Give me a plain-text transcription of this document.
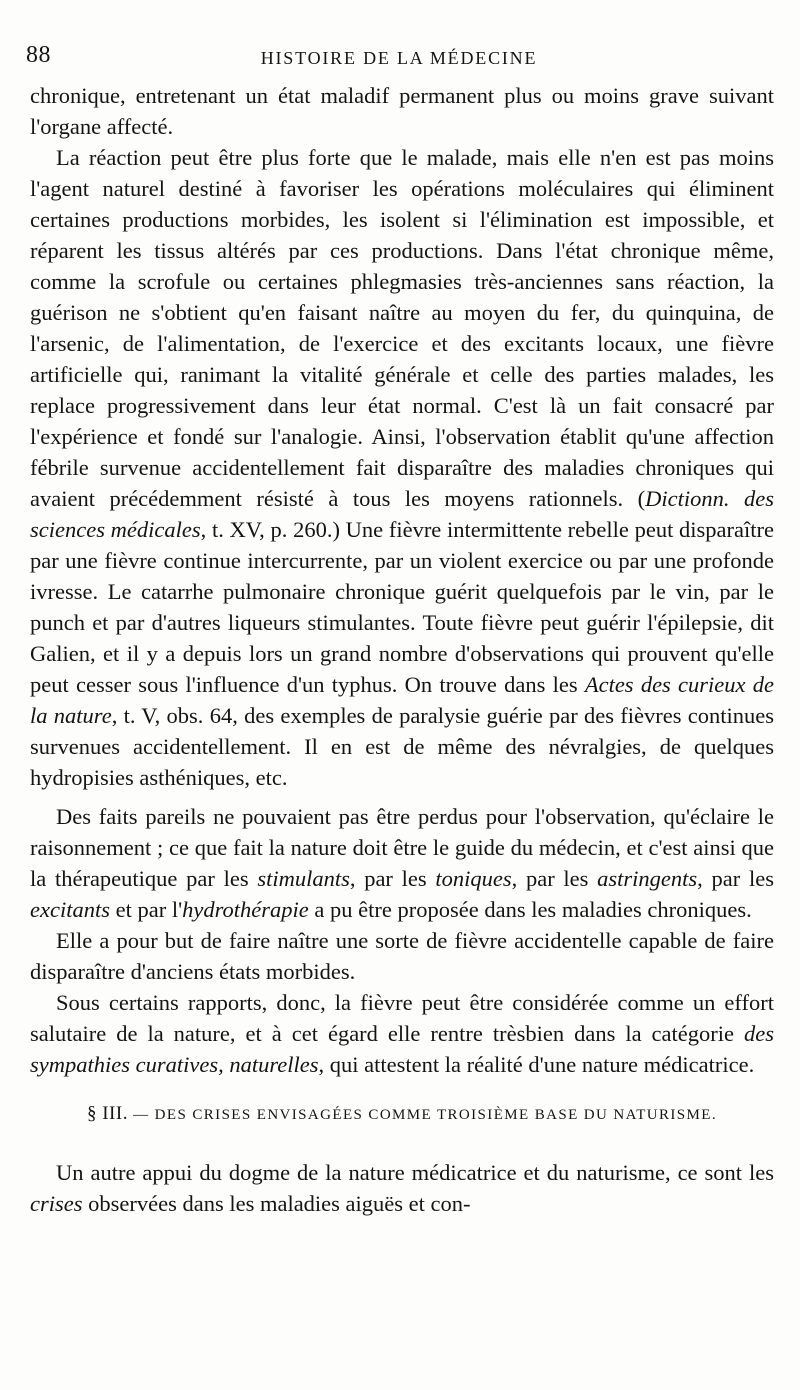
88	HISTOIRE DE LA MÉDECINE

chronique, entretenant un état maladif permanent plus ou moins grave suivant l'organe affecté.

La réaction peut être plus forte que le malade, mais elle n'en est pas moins l'agent naturel destiné à favoriser les opérations moléculaires qui éliminent certaines productions morbides, les isolent si l'élimination est impossible, et réparent les tissus altérés par ces productions. Dans l'état chronique même, comme la scrofule ou certaines phlegmasies très-anciennes sans réaction, la guérison ne s'obtient qu'en faisant naître au moyen du fer, du quinquina, de l'arsenic, de l'alimentation, de l'exercice et des excitants locaux, une fièvre artificielle qui, ranimant la vitalité générale et celle des parties malades, les replace progressivement dans leur état normal. C'est là un fait consacré par l'expérience et fondé sur l'analogie. Ainsi, l'observation établit qu'une affection fébrile survenue accidentellement fait disparaître des maladies chroniques qui avaient précédemment résisté à tous les moyens rationnels. (Dictionn. des sciences médicales, t. XV, p. 260.) Une fièvre intermittente rebelle peut disparaître par une fièvre continue intercurrente, par un violent exercice ou par une profonde ivresse. Le catarrhe pulmonaire chronique guérit quelquefois par le vin, par le punch et par d'autres liqueurs stimulantes. Toute fièvre peut guérir l'épilepsie, dit Galien, et il y a depuis lors un grand nombre d'observations qui prouvent qu'elle peut cesser sous l'influence d'un typhus. On trouve dans les Actes des curieux de la nature, t. V, obs. 64, des exemples de paralysie guérie par des fièvres continues survenues accidentellement. Il en est de même des névralgies, de quelques hydropisies asthéniques, etc.

Des faits pareils ne pouvaient pas être perdus pour l'observation, qu'éclaire le raisonnement ; ce que fait la nature doit être le guide du médecin, et c'est ainsi que la thérapeutique par les stimulants, par les toniques, par les astringents, par les excitants et par l'hydrothérapie a pu être proposée dans les maladies chroniques.

Elle a pour but de faire naître une sorte de fièvre accidentelle capable de faire disparaître d'anciens états morbides.

Sous certains rapports, donc, la fièvre peut être considérée comme un effort salutaire de la nature, et à cet égard elle rentre trèsbien dans la catégorie des sympathies curatives, naturelles, qui attestent la réalité d'une nature médicatrice.

§ III. — DES CRISES ENVISAGÉES COMME TROISIÈME BASE DU NATURISME.

Un autre appui du dogme de la nature médicatrice et du naturisme, ce sont les crises observées dans les maladies aiguës et con-
